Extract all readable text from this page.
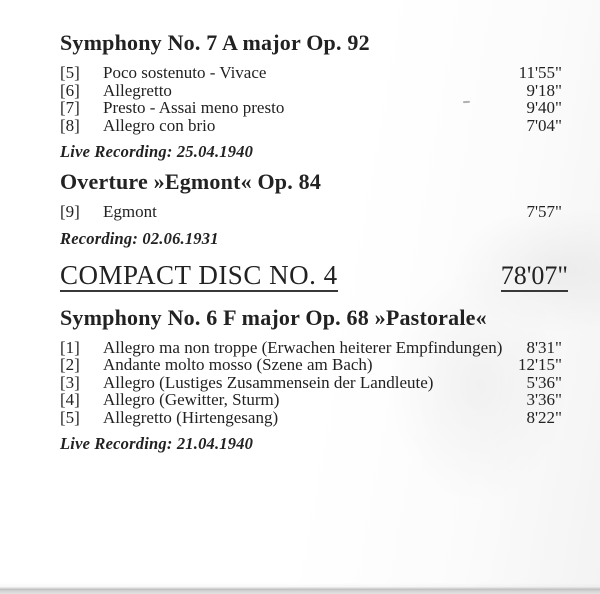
Symphony No. 7 A major Op. 92
[5]	Poco sostenuto - Vivace	11'55"
[6]	Allegretto	9'18"
[7]	Presto - Assai meno presto	9'40"
[8]	Allegro con brio	7'04"

Live Recording: 25.04.1940

Overture »Egmont« Op. 84
[9]	Egmont	7'57"

Recording: 02.06.1931

COMPACT DISC NO. 4	78'07"
Symphony No. 6 F major Op. 68 »Pastorale«
[1]	Allegro ma non troppe (Erwachen heiterer Empfindungen)	8'31"
[2]	Andante molto mosso (Szene am Bach)	12'15"
[3]	Allegro (Lustiges Zusammensein der Landleute)	5'36"
[4]	Allegro (Gewitter, Sturm)	3'36"
[5]	Allegretto (Hirtengesang)	8'22"

Live Recording: 21.04.1940
